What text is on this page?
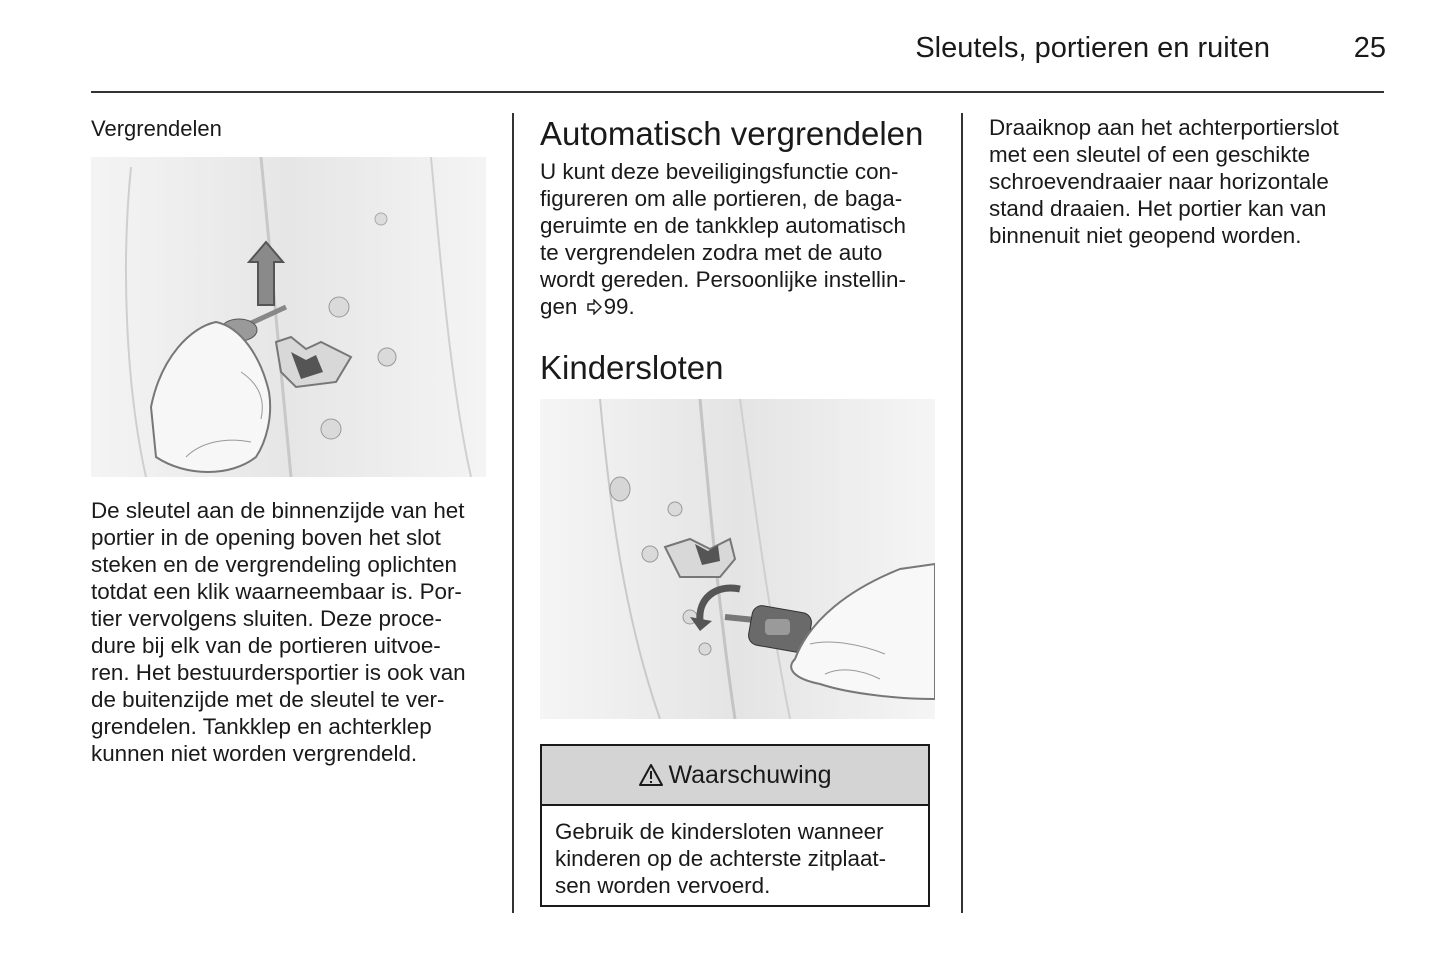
Sleutels, portieren en ruiten	25

Vergrendelen

De sleutel aan de binnenzijde van het

portier in de opening boven het slot

steken en de vergrendeling oplichten

totdat een klik waarneembaar is. Por-

tier vervolgens sluiten. Deze proce-

dure bij elk van de portieren uitvoe-

ren. Het bestuurdersportier is ook van

de buitenzijde met de sleutel te ver-

grendelen. Tankklep en achterklep

kunnen niet worden vergrendeld.

Automatisch vergrendelen

U kunt deze beveiligingsfunctie con-

figureren om alle portieren, de baga-

geruimte en de tankklep automatisch

te vergrendelen zodra met de auto

wordt gereden. Persoonlijke instellin-

gen 99.

Kindersloten
Waarschuwing
Gebruik de kindersloten wanneer
kinderen op de achterste zitplaat-
sen worden vervoerd.

Draaiknop aan het achterportierslot

met een sleutel of een geschikte

schroevendraaier naar horizontale

stand draaien. Het portier kan van

binnenuit niet geopend worden.
